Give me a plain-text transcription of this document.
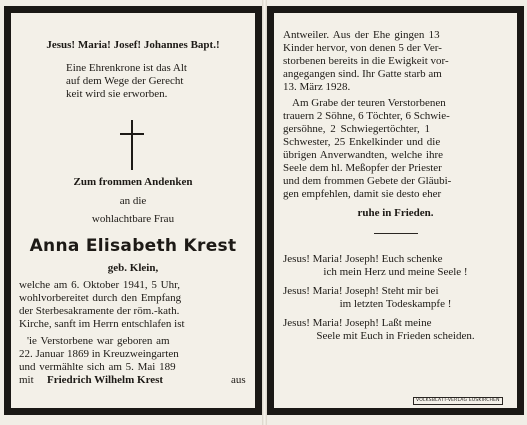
Jesus! Maria! Josef! Johannes Bapt.!
Eine Ehrenkrone ist das Alt
auf dem Wege der Gerecht
keit wird sie erworben.
Zum frommen Andenken
an die
wohlachtbare Frau
Anna Elisabeth Krest
geb. Klein,
welche am 6. Oktober 1941, 5 Uhr,
wohlvorbereitet durch den Empfang
der Sterbesakramente der röm.-kath.
Kirche, sanft im Herrn entschlafen ist
'ie Verstorbene war geboren am
22. Januar 1869 in Kreuzweingarten
und vermählte sich am 5. Mai 189
mit Friedrich Wilhelm Krest	aus
Antweiler. Aus der Ehe gingen 13
Kinder hervor, von denen 5 der Ver-
storbenen bereits in die Ewigkeit vor-
angegangen sind. Ihr Gatte starb am
13. März 1928.
Am Grabe der teuren Verstorbenen
trauern 2 Söhne, 6 Töchter, 6 Schwie-
gersöhne, 2 Schwiegertöchter, 1
Schwester, 25 Enkelkinder und die
übrigen Anverwandten, welche ihre
Seele dem hl. Meßopfer der Priester
und dem frommen Gebete der Gläubi-
gen empfehlen, damit sie desto eher
ruhe in Frieden.
Jesus! Maria! Joseph! Euch schenke
ich mein Herz und meine Seele !
Jesus! Maria! Joseph! Steht mir bei
im letzten Todeskampfe !
Jesus! Maria! Joseph! Laßt meine
Seele mit Euch in Frieden scheiden.
VOLKSBLATT-VERLAG EUSKIRCHEN
